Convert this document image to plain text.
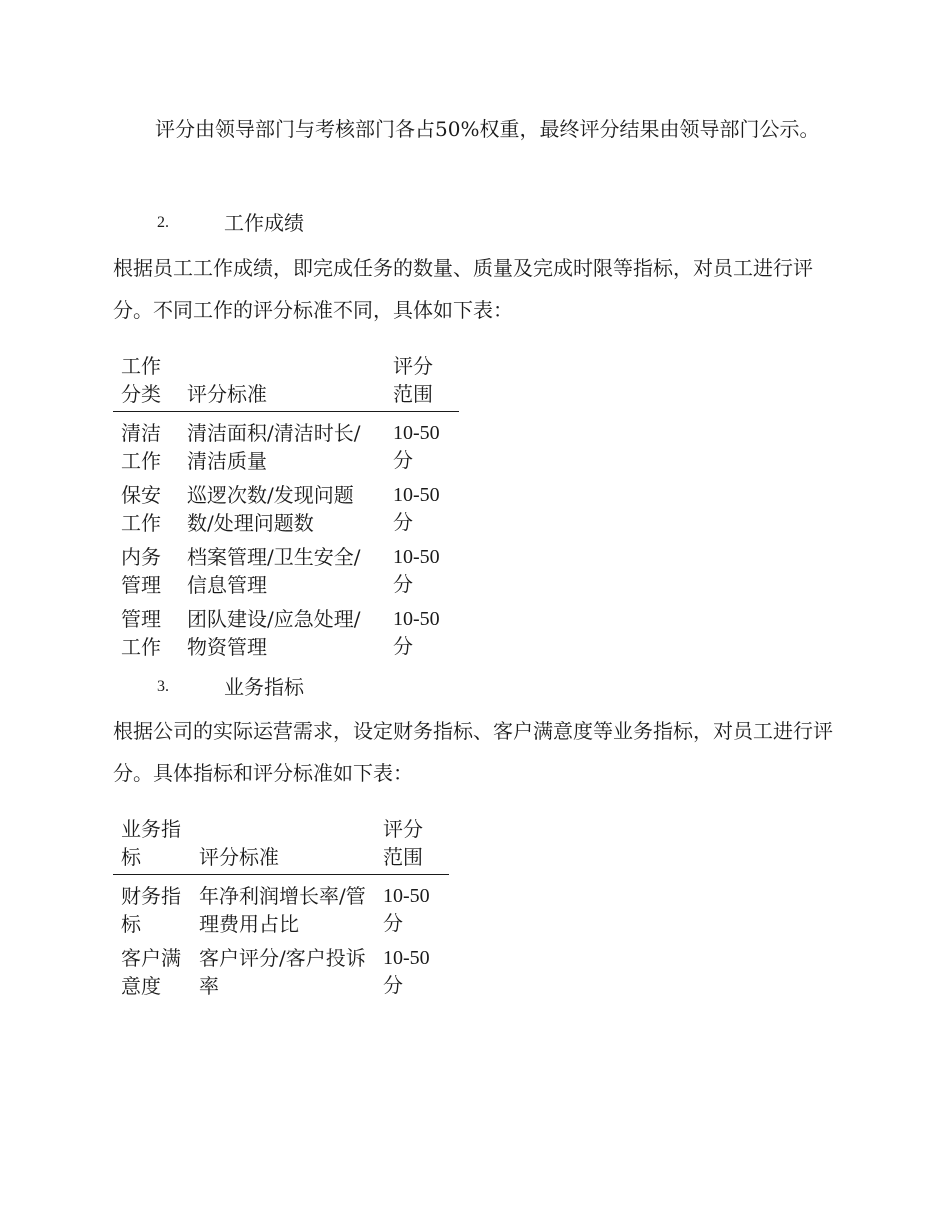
评分由领导部门与考核部门各占50%权重，最终评分结果由领导部门公示。

2.	工作成绩

根据员工工作成绩，即完成任务的数量、质量及完成时限等指标，对员工进行评分。不同工作的评分标准不同，具体如下表：

工作分类	评分标准	评分范围
清洁工作	清洁面积/清洁时长/清洁质量	10-50分
保安工作	巡逻次数/发现问题数/处理问题数	10-50分
内务管理	档案管理/卫生安全/信息管理	10-50分
管理工作	团队建设/应急处理/物资管理	10-50分
3.	业务指标

根据公司的实际运营需求，设定财务指标、客户满意度等业务指标，对员工进行评分。具体指标和评分标准如下表：

业务指标	评分标准	评分范围
财务指标	年净利润增长率/管理费用占比	10-50分
客户满意度	客户评分/客户投诉率	10-50分
